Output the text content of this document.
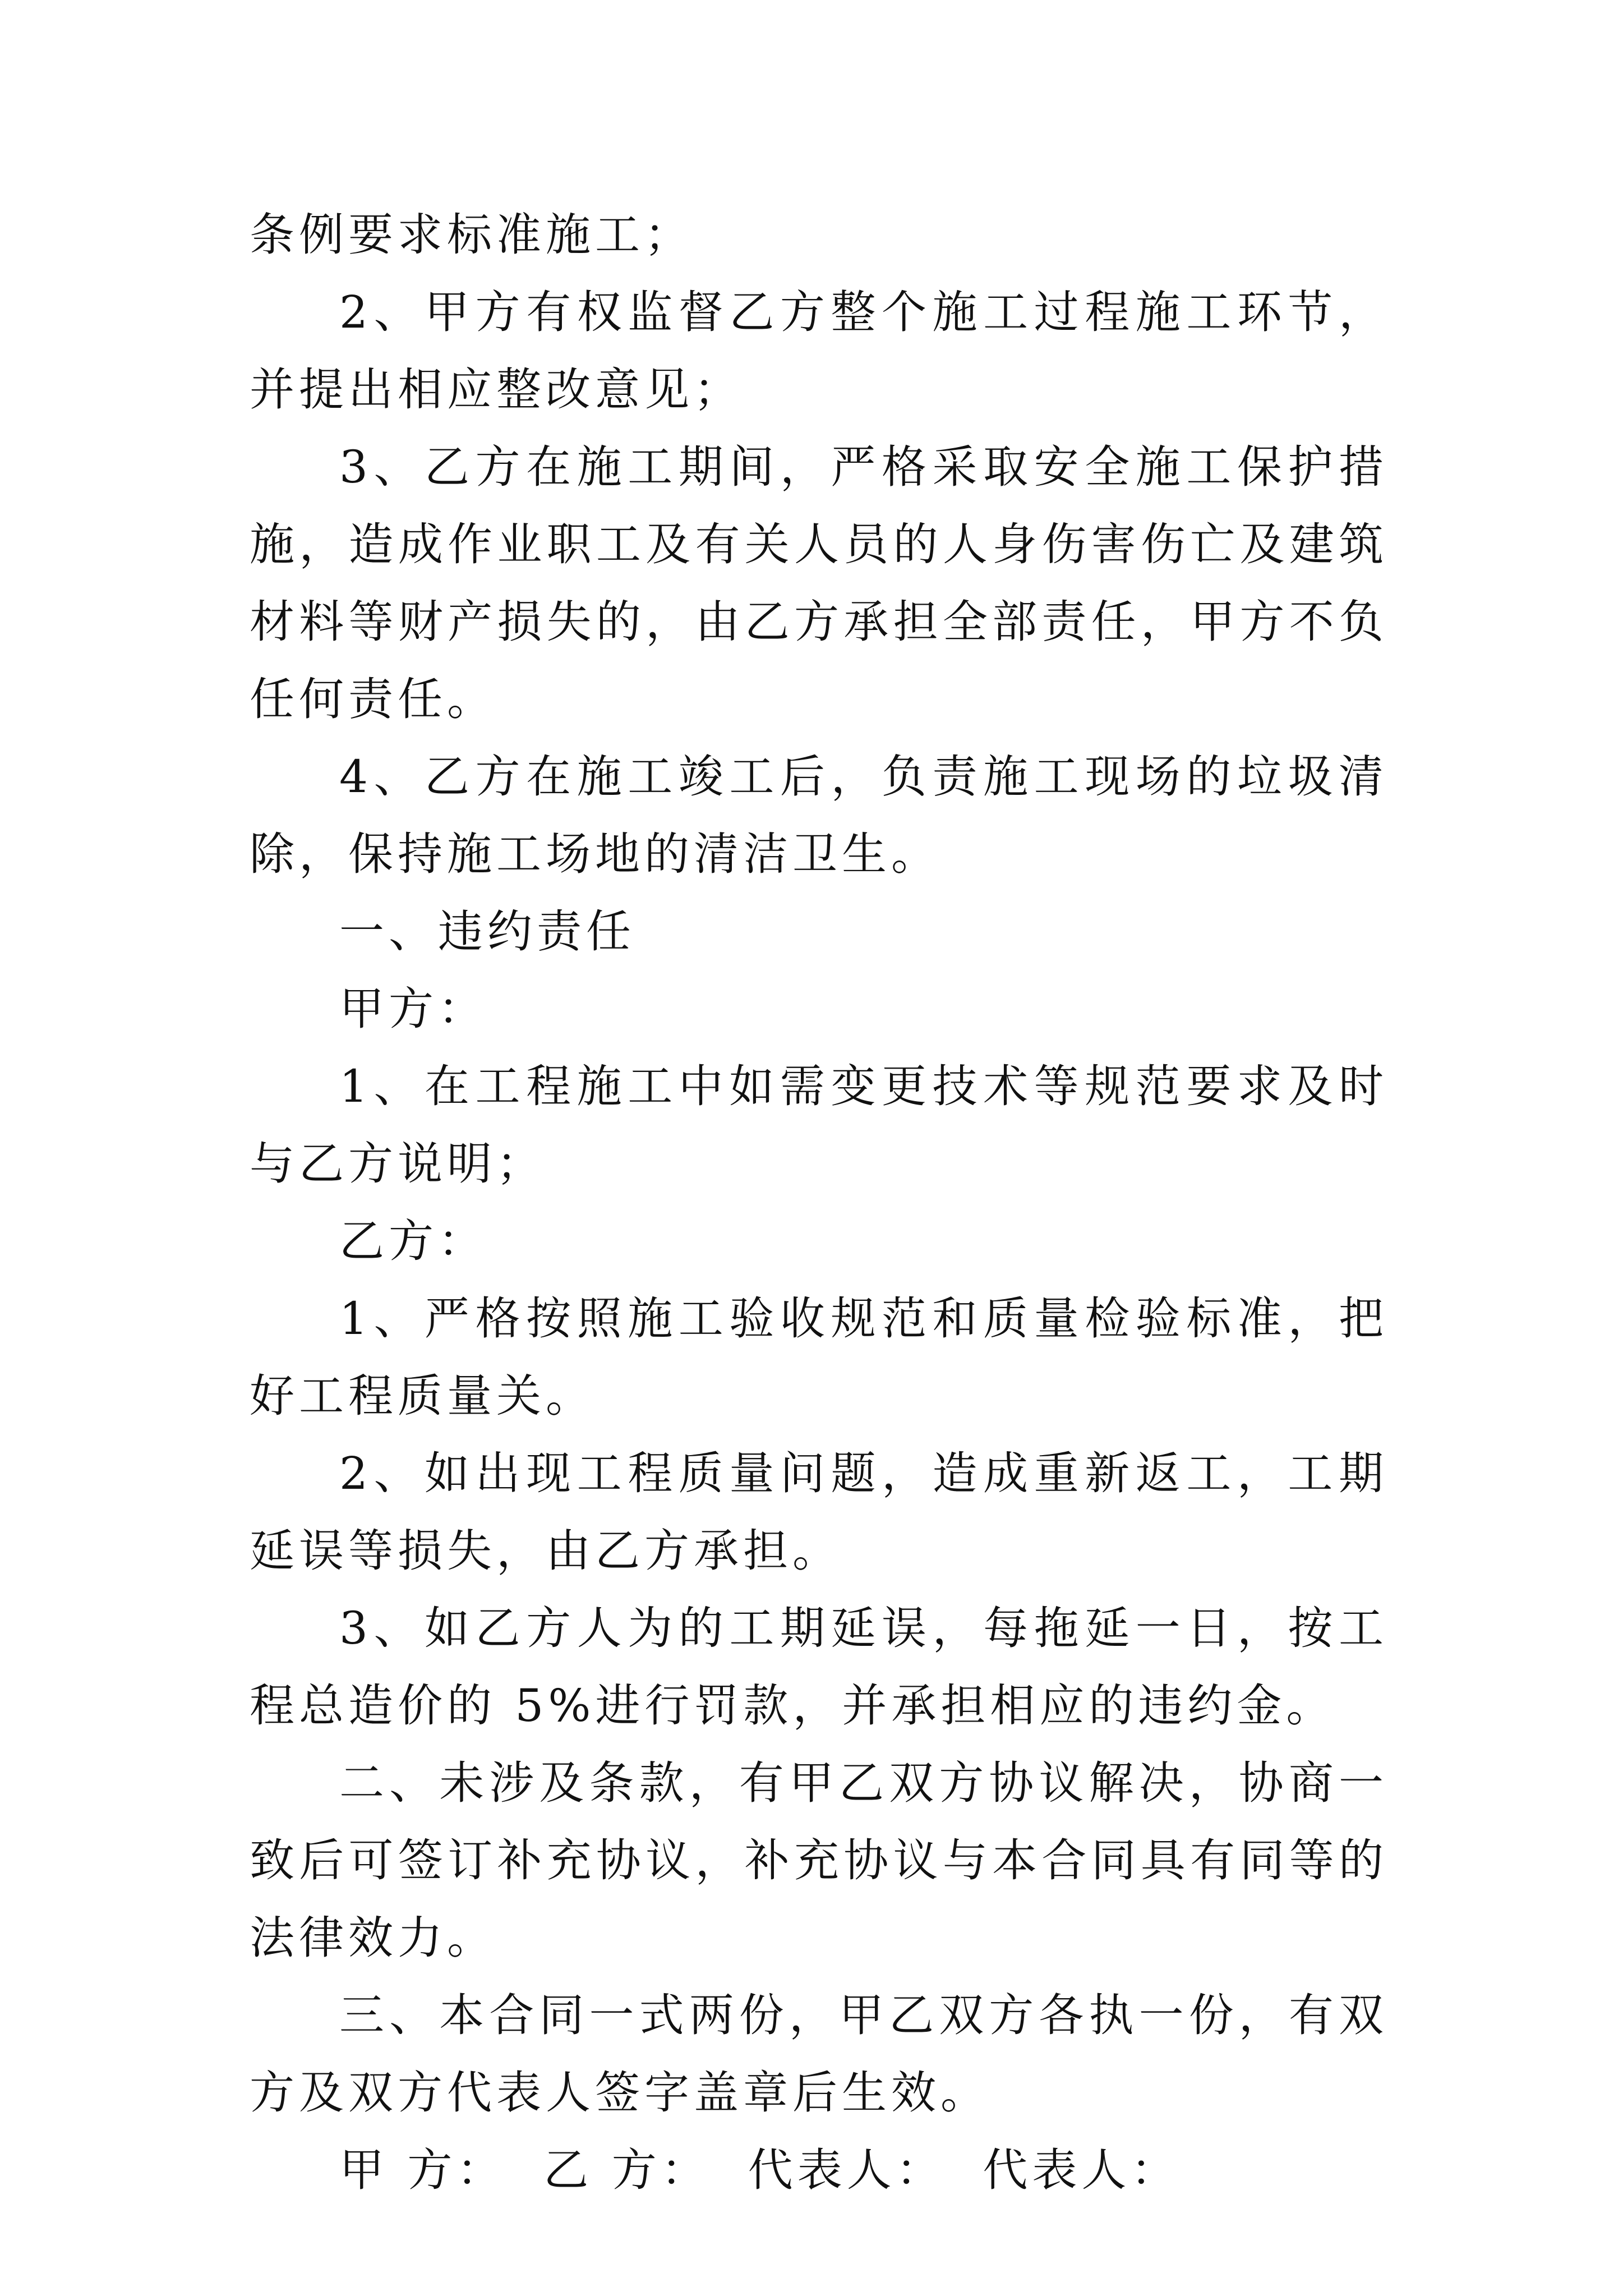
条例要求标准施工；

2、甲方有权监督乙方整个施工过程施工环节，并提出相应整改意见；

3、乙方在施工期间，严格采取安全施工保护措施，造成作业职工及有关人员的人身伤害伤亡及建筑材料等财产损失的，由乙方承担全部责任，甲方不负任何责任。

4、乙方在施工竣工后，负责施工现场的垃圾清除，保持施工场地的清洁卫生。

一、违约责任

甲方：

1、在工程施工中如需变更技术等规范要求及时与乙方说明；

乙方：

1、严格按照施工验收规范和质量检验标准，把好工程质量关。

2、如出现工程质量问题，造成重新返工，工期延误等损失，由乙方承担。

3、如乙方人为的工期延误，每拖延一日，按工程总造价的 5%进行罚款，并承担相应的违约金。

二、未涉及条款，有甲乙双方协议解决，协商一致后可签订补充协议，补充协议与本合同具有同等的法律效力。

三、本合同一式两份，甲乙双方各执一份，有双方及双方代表人签字盖章后生效。

甲 方：  乙 方：  代表人：  代表人：
